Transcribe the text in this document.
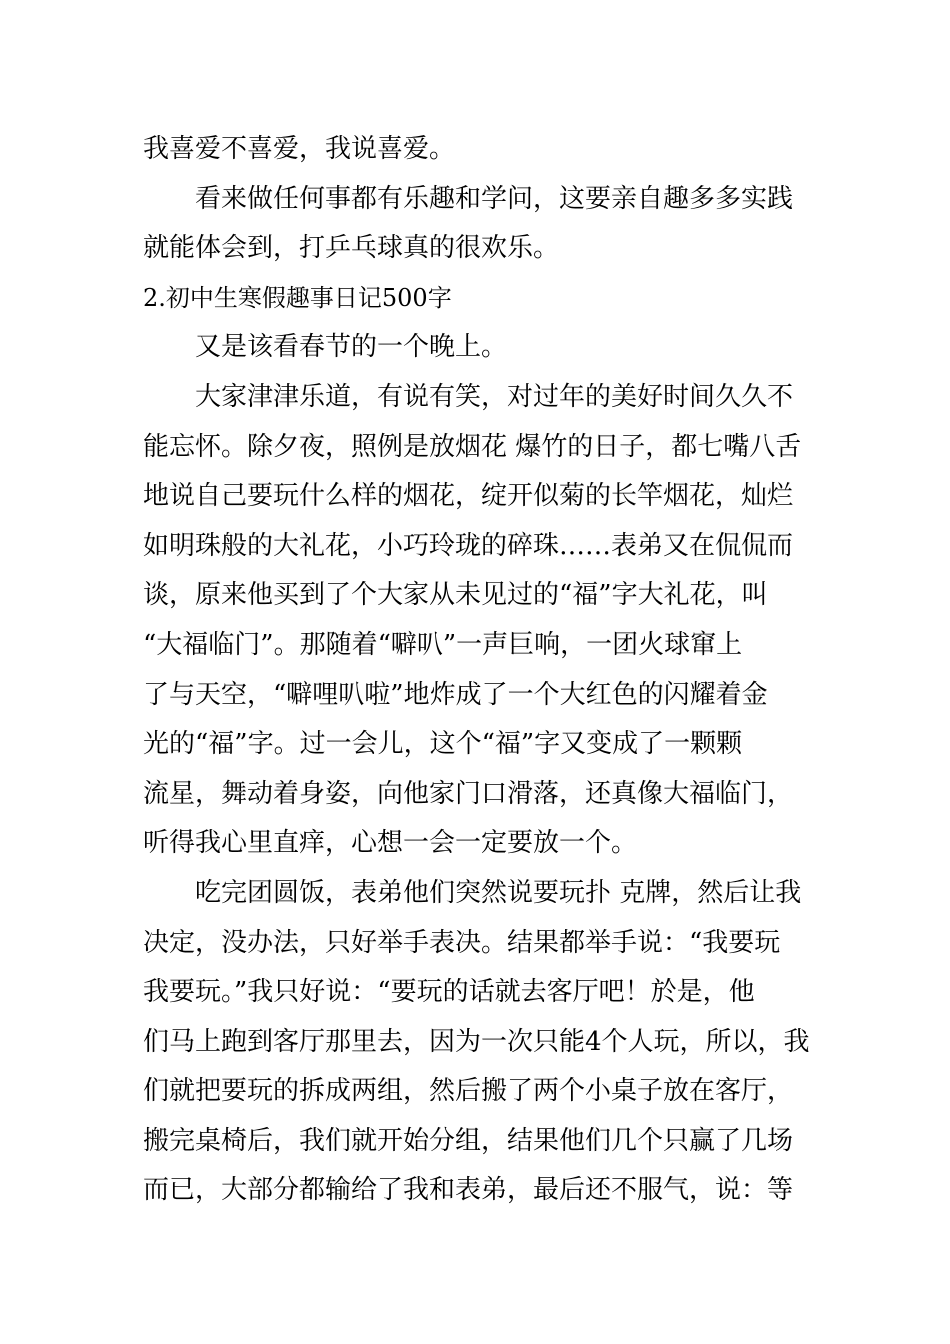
我喜爱不喜爱，我说喜爱。
看来做任何事都有乐趣和学问，这要亲自趣多多实践
就能体会到，打乒乓球真的很欢乐。
2.初中生寒假趣事日记500字
又是该看春节的一个晚上。
大家津津乐道，有说有笑，对过年的美好时间久久不
能忘怀。除夕夜，照例是放烟花 爆竹的日子，都七嘴八舌
地说自己要玩什么样的烟花，绽开似菊的长竿烟花，灿烂
如明珠般的大礼花，小巧玲珑的碎珠……表弟又在侃侃而
谈，原来他买到了个大家从未见过的“福”字大礼花，叫
“大福临门”。那随着“噼叭”一声巨响，一团火球窜上
了与天空，“噼哩叭啦”地炸成了一个大红色的闪耀着金
光的“福”字。过一会儿，这个“福”字又变成了一颗颗
流星，舞动着身姿，向他家门口滑落，还真像大福临门，
听得我心里直痒，心想一会一定要放一个。
吃完团圆饭，表弟他们突然说要玩扑 克牌，然后让我
决定，没办法，只好举手表决。结果都举手说：“我要玩
我要玩。”我只好说：“要玩的话就去客厅吧！於是，他
们马上跑到客厅那里去，因为一次只能4个人玩，所以，我
们就把要玩的拆成两组，然后搬了两个小桌子放在客厅，
搬完桌椅后，我们就开始分组，结果他们几个只赢了几场
而已，大部分都输给了我和表弟，最后还不服气，说：等
